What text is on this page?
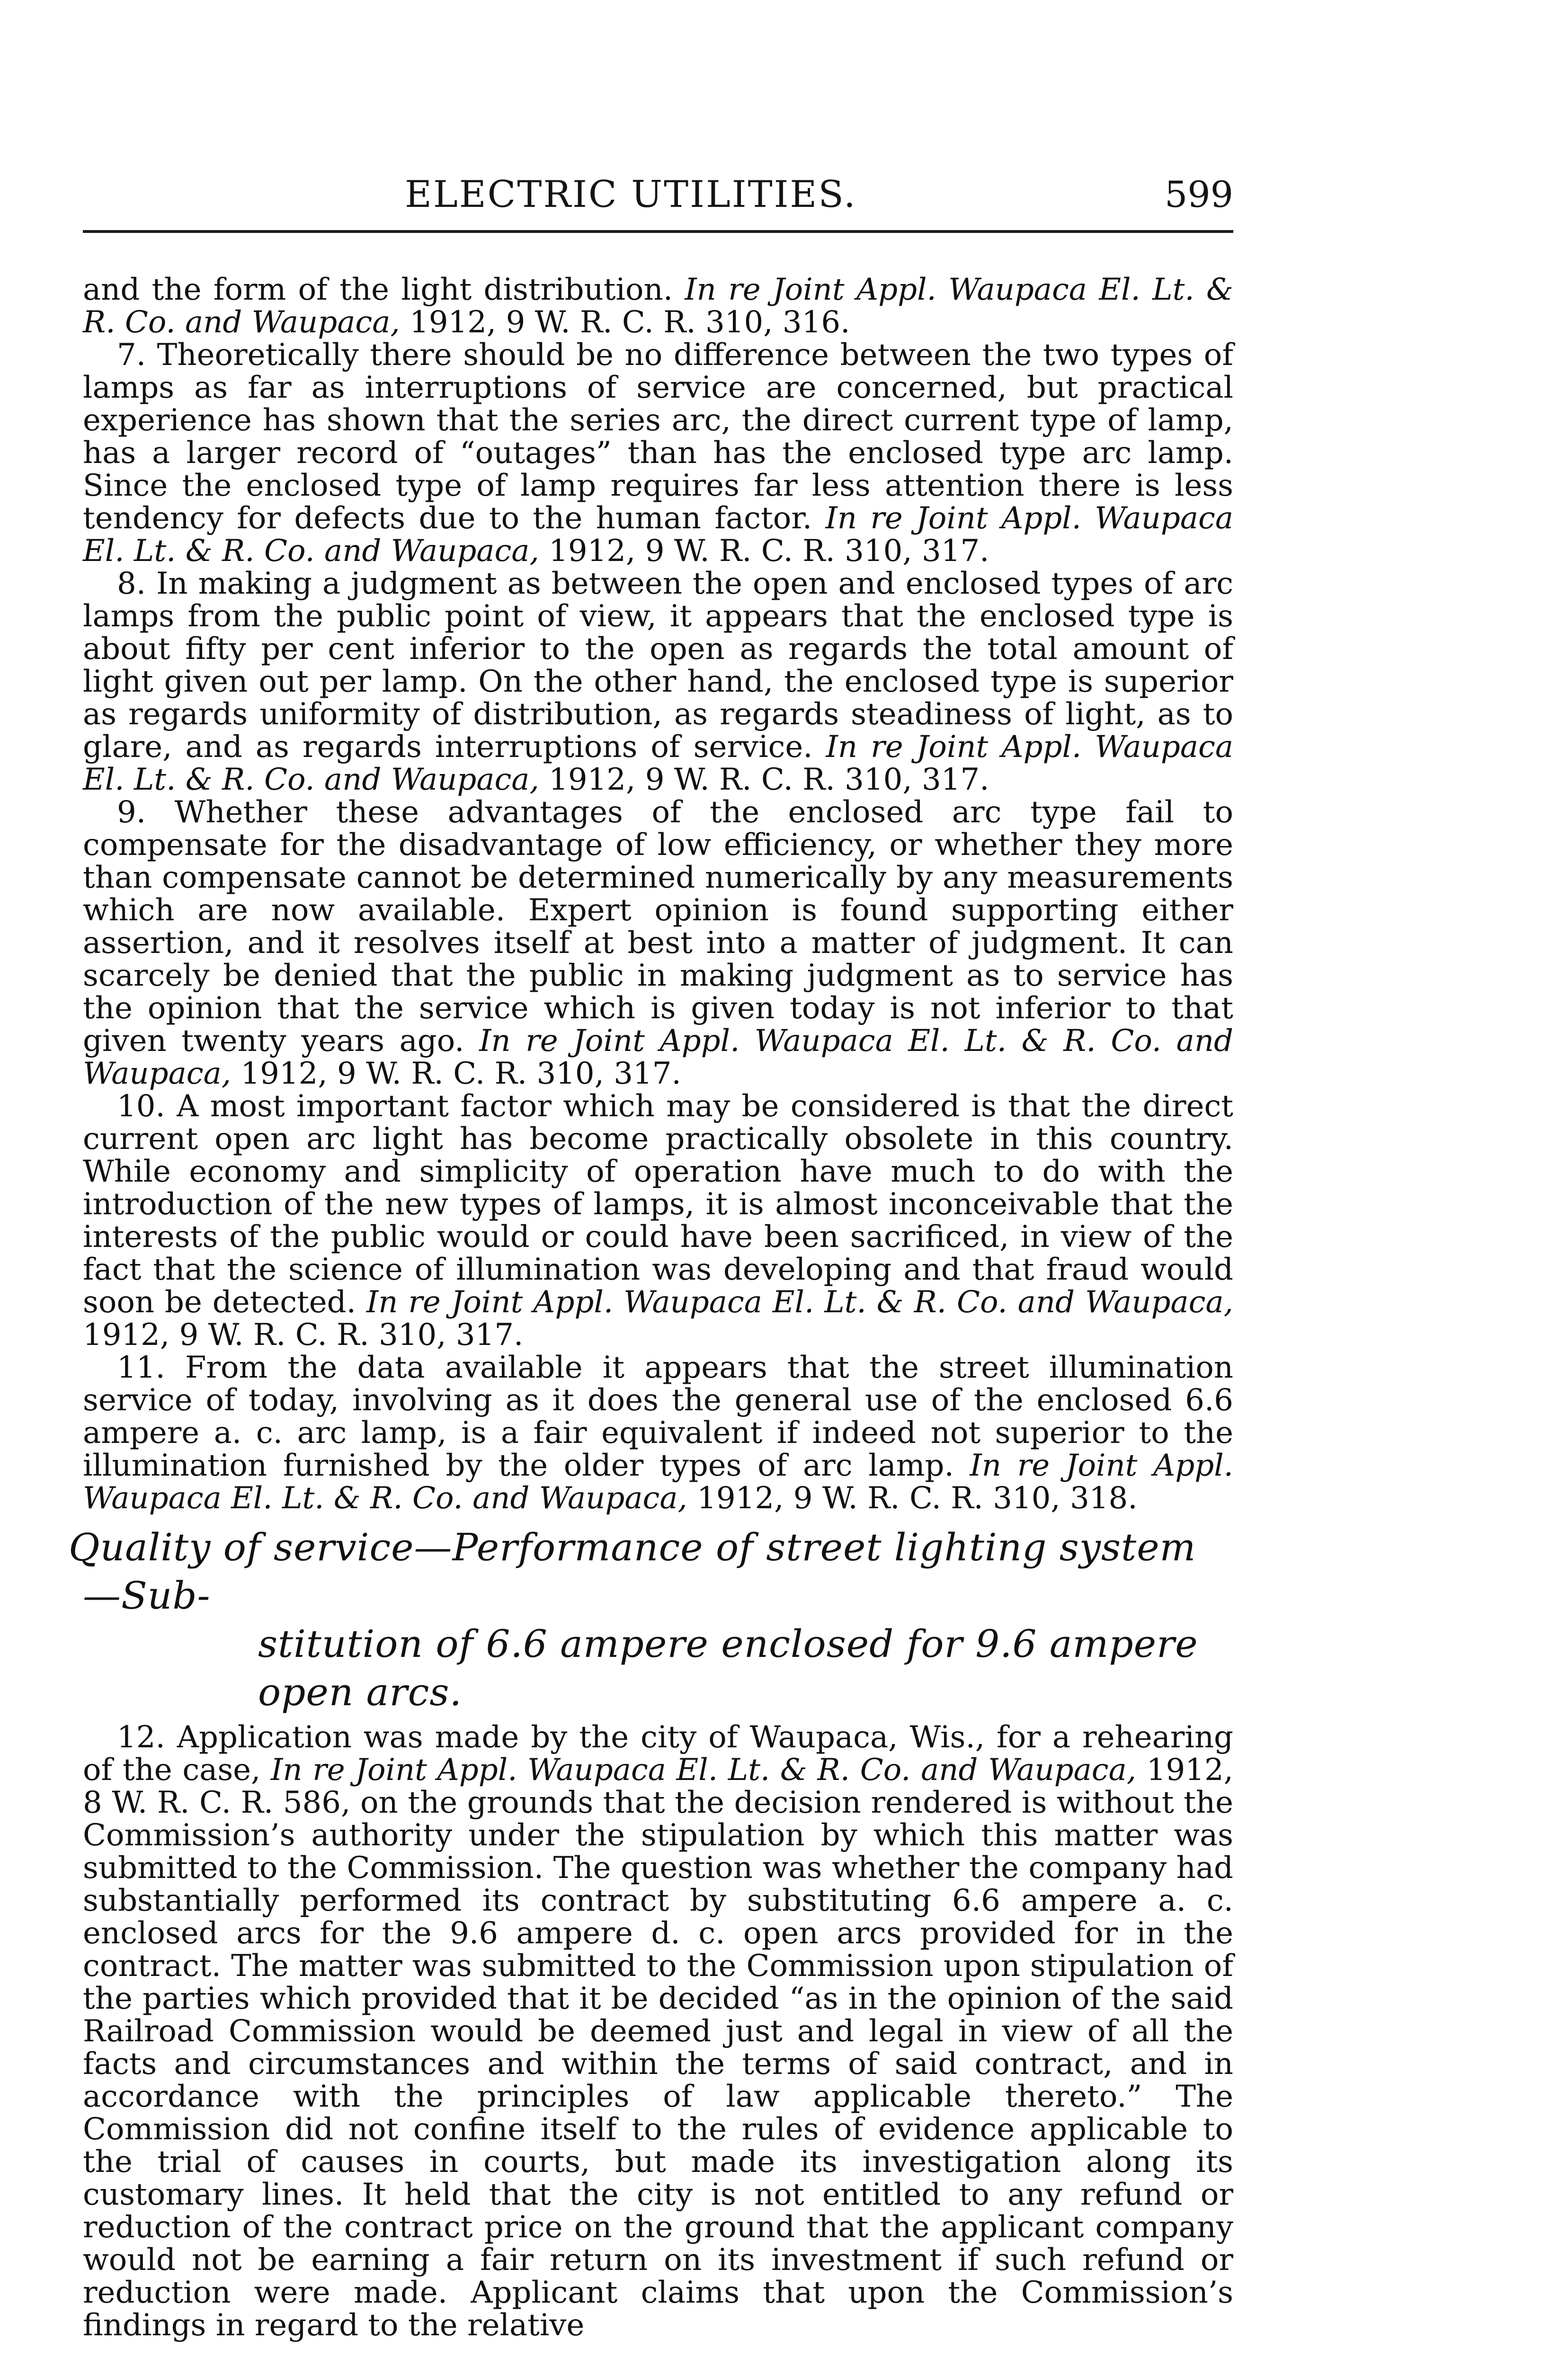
ELECTRIC UTILITIES.	599

and the form of the light distribution. In re Joint Appl. Waupaca El. Lt. & R. Co. and Waupaca, 1912, 9 W. R. C. R. 310, 316.

7. Theoretically there should be no difference between the two types of lamps as far as interruptions of service are concerned, but practical experience has shown that the series arc, the direct current type of lamp, has a larger record of “outages” than has the enclosed type arc lamp. Since the enclosed type of lamp requires far less attention there is less tendency for defects due to the human factor. In re Joint Appl. Waupaca El. Lt. & R. Co. and Waupaca, 1912, 9 W. R. C. R. 310, 317.

8. In making a judgment as between the open and enclosed types of arc lamps from the public point of view, it appears that the enclosed type is about fifty per cent inferior to the open as regards the total amount of light given out per lamp. On the other hand, the enclosed type is superior as regards uniformity of distribution, as regards steadiness of light, as to glare, and as regards interruptions of service. In re Joint Appl. Waupaca El. Lt. & R. Co. and Waupaca, 1912, 9 W. R. C. R. 310, 317.

9. Whether these advantages of the enclosed arc type fail to compensate for the disadvantage of low efficiency, or whether they more than compensate cannot be determined numerically by any measurements which are now available. Expert opinion is found supporting either assertion, and it resolves itself at best into a matter of judgment. It can scarcely be denied that the public in making judgment as to service has the opinion that the service which is given today is not inferior to that given twenty years ago. In re Joint Appl. Waupaca El. Lt. & R. Co. and Waupaca, 1912, 9 W. R. C. R. 310, 317.

10. A most important factor which may be considered is that the direct current open arc light has become practically obsolete in this country. While economy and simplicity of operation have much to do with the introduction of the new types of lamps, it is almost inconceivable that the interests of the public would or could have been sacrificed, in view of the fact that the science of illumination was developing and that fraud would soon be detected. In re Joint Appl. Waupaca El. Lt. & R. Co. and Waupaca, 1912, 9 W. R. C. R. 310, 317.

11. From the data available it appears that the street illumination service of today, involving as it does the general use of the enclosed 6.6 ampere a. c. arc lamp, is a fair equivalent if indeed not superior to the illumination furnished by the older types of arc lamp. In re Joint Appl. Waupaca El. Lt. & R. Co. and Waupaca, 1912, 9 W. R. C. R. 310, 318.

Quality of service—Performance of street lighting system—Sub-
stitution of 6.6 ampere enclosed for 9.6 ampere open arcs.

12. Application was made by the city of Waupaca, Wis., for a rehearing of the case, In re Joint Appl. Waupaca El. Lt. & R. Co. and Waupaca, 1912, 8 W. R. C. R. 586, on the grounds that the decision rendered is without the Commission’s authority under the stipulation by which this matter was submitted to the Commission. The question was whether the company had substantially performed its contract by substituting 6.6 ampere a. c. enclosed arcs for the 9.6 ampere d. c. open arcs provided for in the contract. The matter was submitted to the Commission upon stipulation of the parties which provided that it be decided “as in the opinion of the said Railroad Commission would be deemed just and legal in view of all the facts and circumstances and within the terms of said contract, and in accordance with the principles of law applicable thereto.” The Commission did not confine itself to the rules of evidence applicable to the trial of causes in courts, but made its investigation along its customary lines. It held that the city is not entitled to any refund or reduction of the contract price on the ground that the applicant company would not be earning a fair return on its investment if such refund or reduction were made. Applicant claims that upon the Commission’s findings in regard to the relative
